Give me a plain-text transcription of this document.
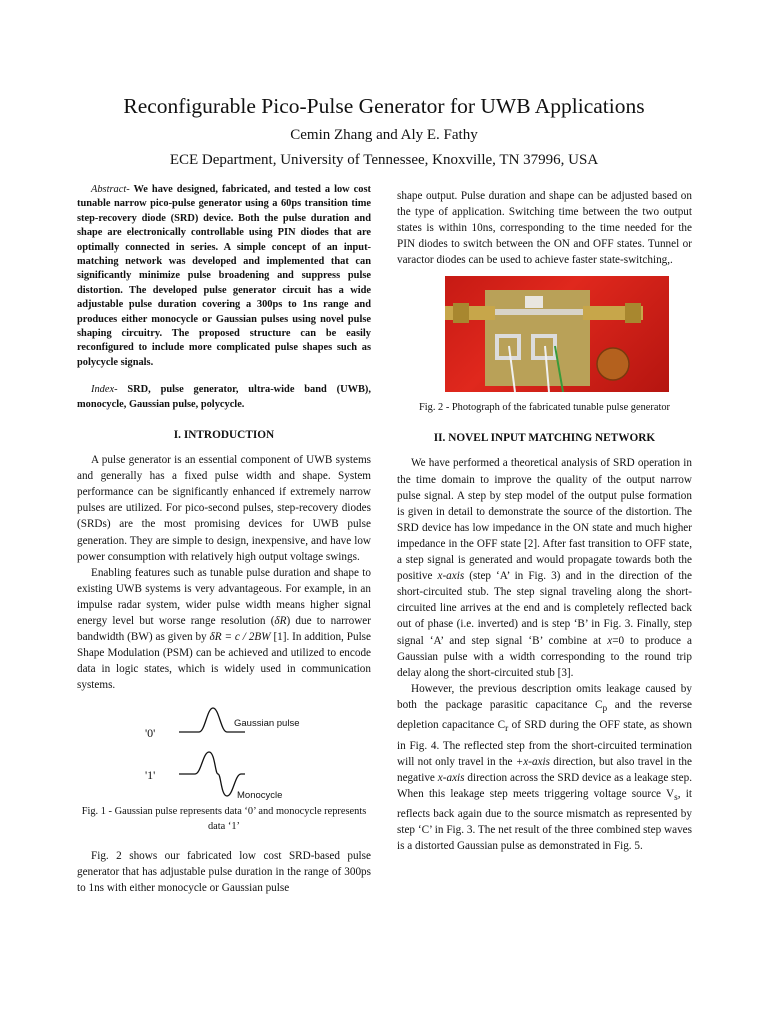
Reconfigurable Pico-Pulse Generator for UWB Applications
Cemin Zhang and Aly E. Fathy
ECE Department, University of Tennessee, Knoxville, TN 37996, USA

Abstract- We have designed, fabricated, and tested a low cost tunable narrow pico-pulse generator using a 60ps transition time step-recovery diode (SRD) device. Both the pulse duration and shape are electronically controllable using PIN diodes that are optimally connected in series. A simple concept of an input-matching network was developed and implemented that can significantly minimize pulse broadening and suppress pulse distortion. The developed pulse generator circuit has a wide adjustable pulse duration covering a 300ps to 1ns range and produces either monocycle or Gaussian pulses using novel pulse shaping circuitry. The proposed structure can be easily reconfigured to include more complicated pulse shapes such as polycycle signals.

Index- SRD, pulse generator, ultra-wide band (UWB), monocycle, Gaussian pulse, polycycle.

I. INTRODUCTION

A pulse generator is an essential component of UWB systems and generally has a fixed pulse width and shape. System performance can be significantly enhanced if extremely narrow pulses are utilized. For pico-second pulses, step-recovery diodes (SRDs) are the most promising devices for UWB pulse generation. They are simple to design, inexpensive, and have low power consumption with relatively high output voltage swings.

Enabling features such as tunable pulse duration and shape to existing UWB systems is very advantageous. For example, in an impulse radar system, wider pulse width means higher signal energy level but worse range resolution (δR) due to narrower bandwidth (BW) as given by δR = c / 2BW [1]. In addition, Pulse Shape Modulation (PSM) can be achieved and utilized to encode data in logic states, which is widely used in communication systems.

'0'
'1'
Gaussian pulse
Monocycle

Fig. 1 - Gaussian pulse represents data ‘0’ and monocycle represents data ‘1’

Fig. 2 shows our fabricated low cost SRD-based pulse generator that has adjustable pulse duration in the range of 300ps to 1ns with either monocycle or Gaussian pulse

shape output. Pulse duration and shape can be adjusted based on the type of application. Switching time between the two output states is within 10ns, corresponding to the time needed for the PIN diodes to switch between the ON and OFF states. Tunnel or varactor diodes can be used to achieve faster state-switching,.

Fig. 2 - Photograph of the fabricated tunable pulse generator

II. NOVEL INPUT MATCHING NETWORK

We have performed a theoretical analysis of SRD operation in the time domain to improve the quality of the output narrow pulse signal. A step by step model of the output pulse formation is given in detail to demonstrate the source of the distortion. The SRD device has low impedance in the ON state and much higher impedance in the OFF state [2]. After fast transition to OFF state, a step signal is generated and would propagate towards both the positive x-axis (step ‘A’ in Fig. 3) and in the direction of the short-circuited stub. The step signal traveling along the short-circuited line arrives at the end and is completely reflected back out of phase (i.e. inverted) and is step ‘B’ in Fig. 3. Finally, step signal ‘A’ and step signal ‘B’ combine at x=0 to produce a Gaussian pulse with a width corresponding to the round trip delay along the short-circuited stub [3].

However, the previous description omits leakage caused by both the package parasitic capacitance $C_p$ and the reverse depletion capacitance $C_r$ of SRD during the OFF state, as shown in Fig. 4. The reflected step from the short-circuited termination will not only travel in the +x-axis direction, but also travel in the negative x-axis direction across the SRD device as a leakage step. When this leakage step meets triggering voltage source $V_s$, it reflects back again due to the source mismatch as represented by step ‘C’ in Fig. 3. The net result of the three combined step waves is a distorted Gaussian pulse as demonstrated in Fig. 5.
